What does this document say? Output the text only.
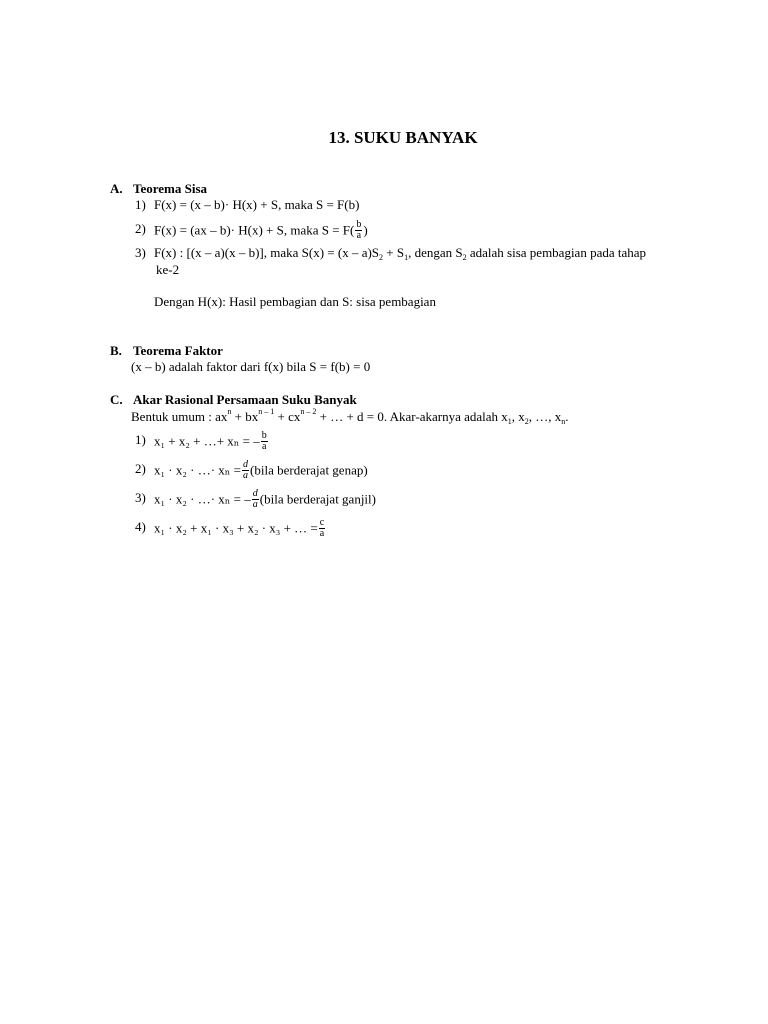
13. SUKU BANYAK
A. Teorema Sisa
1) F(x) = (x – b)· H(x) + S, maka S = F(b)
2) F(x) = (ax – b)· H(x) + S, maka $S = F( \frac{b}{a}$ )
3) F(x) : [(x – a)(x – b)], maka $S(x) = (x - a)S_2 + S_1$, dengan $S_2$ adalah sisa pembagian pada tahap
ke-2
Dengan H(x): Hasil pembagian dan S: sisa pembagian
B. Teorema Faktor
(x – b) adalah faktor dari f(x) bila S = f(b) = 0
C. Akar Rasional Persamaan Suku Banyak
Bentuk umum : $ax^n + bx^{n - 1} + cx^{n - 2}$ + … + d = 0. Akar-akarnya adalah $x_1$, $x_2$, …, $x_n$.
1) x₁ + x₂ + …+ xₙ = – $\frac{b}{a}$
2) x₁ · x₂ · …· $x_n = \frac{d}{a}$ (bila berderajat genap)
3) x₁ · x₂ · …· xₙ = – $\frac{d}{a}$ (bila berderajat ganjil)
4) x₁ · x₂ + x₁ · x₃ + x₂ · x₃ + … = $\frac{c}{a}$
